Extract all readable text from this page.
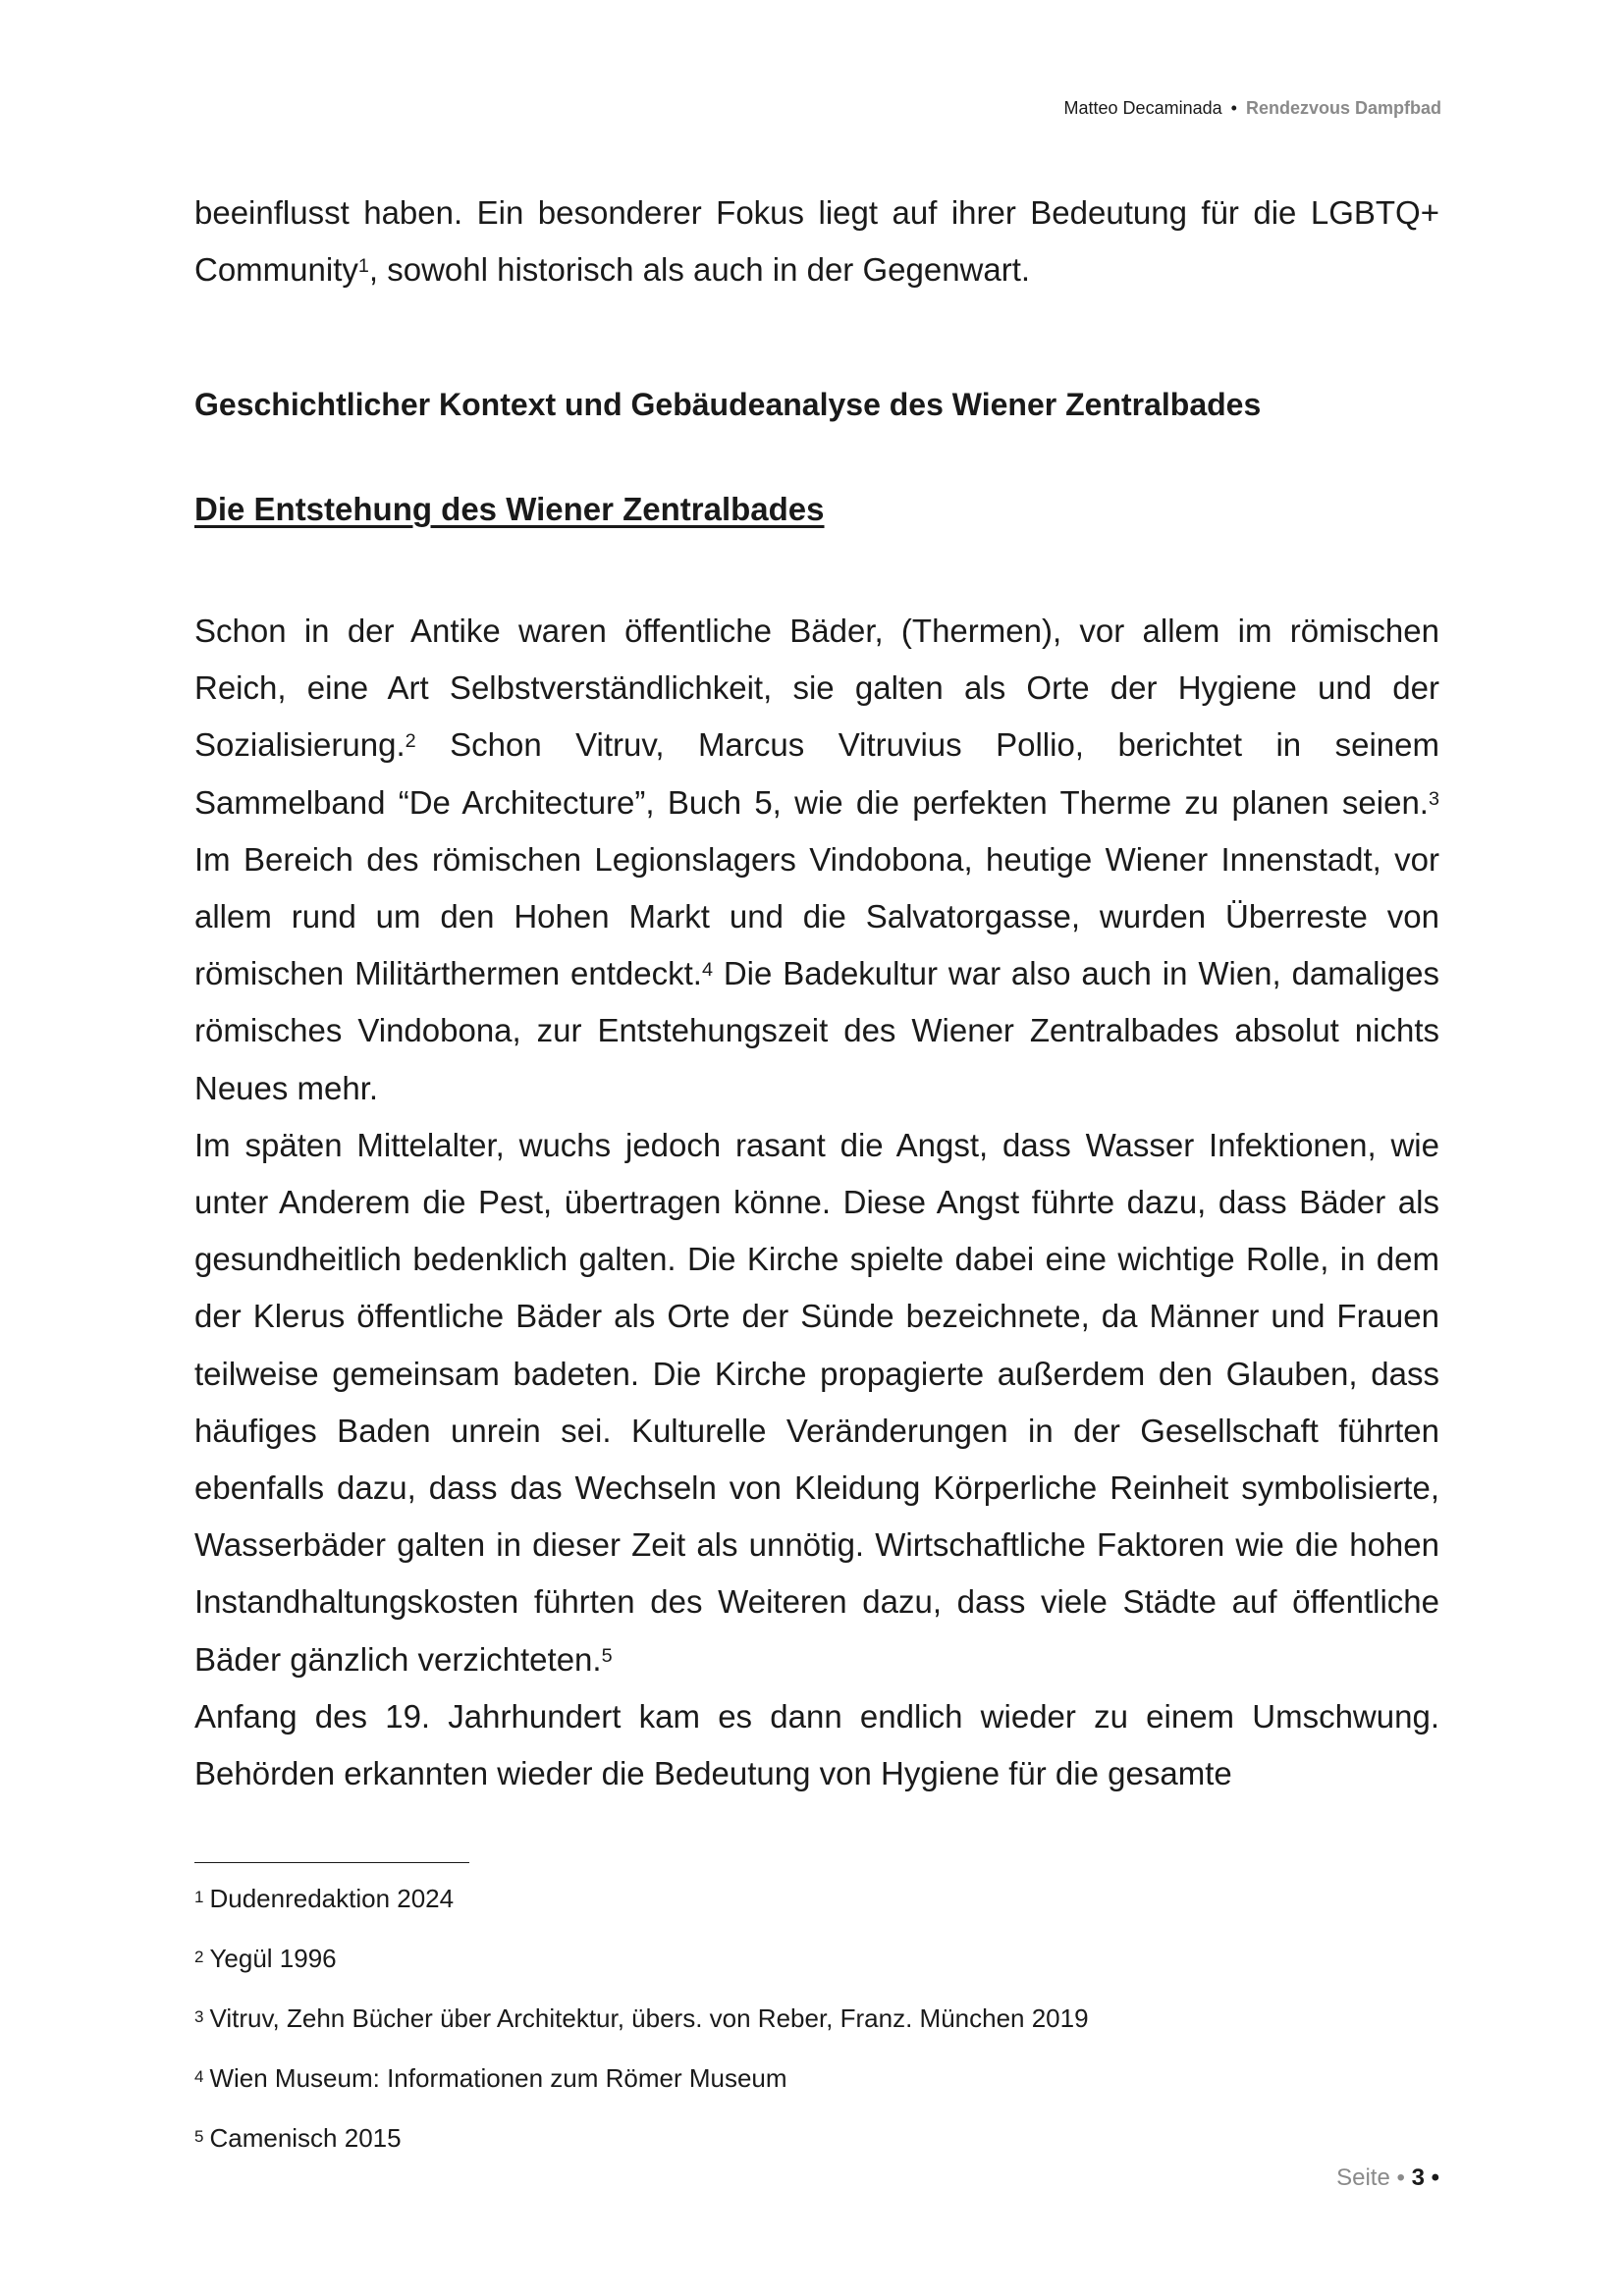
Matteo Decaminada • Rendezvous Dampfbad

beeinflusst haben. Ein besonderer Fokus liegt auf ihrer Bedeutung für die LGBTQ+ Community$^1$, sowohl historisch als auch in der Gegenwart.

Geschichtlicher Kontext und Gebäudeanalyse des Wiener Zentralbades
Die Entstehung des Wiener Zentralbades
Schon in der Antike waren öffentliche Bäder, (Thermen), vor allem im römischen Reich, eine Art Selbstverständlichkeit, sie galten als Orte der Hygiene und der Sozialisierung.$^2$ Schon Vitruv, Marcus Vitruvius Pollio, berichtet in seinem Sammelband “De Architecture”, Buch 5, wie die perfekten Therme zu planen seien.$^3$ Im Bereich des römischen Legionslagers Vindobona, heutige Wiener Innenstadt, vor allem rund um den Hohen Markt und die Salvatorgasse, wurden Überreste von römischen Militärthermen entdeckt.$^4$ Die Badekultur war also auch in Wien, damaliges römisches Vindobona, zur Entstehungszeit des Wiener Zentralbades absolut nichts Neues mehr.
Im späten Mittelalter, wuchs jedoch rasant die Angst, dass Wasser Infektionen, wie unter Anderem die Pest, übertragen könne. Diese Angst führte dazu, dass Bäder als gesundheitlich bedenklich galten. Die Kirche spielte dabei eine wichtige Rolle, in dem der Klerus öffentliche Bäder als Orte der Sünde bezeichnete, da Männer und Frauen teilweise gemeinsam badeten. Die Kirche propagierte außerdem den Glauben, dass häufiges Baden unrein sei. Kulturelle Veränderungen in der Gesellschaft führten ebenfalls dazu, dass das Wechseln von Kleidung Körperliche Reinheit symbolisierte, Wasserbäder galten in dieser Zeit als unnötig. Wirtschaftliche Faktoren wie die hohen Instandhaltungskosten führten des Weiteren dazu, dass viele Städte auf öffentliche Bäder gänzlich verzichteten.$^5$
Anfang des 19. Jahrhundert kam es dann endlich wieder zu einem Umschwung. Behörden erkannten wieder die Bedeutung von Hygiene für die gesamte
1 Dudenredaktion 2024
2 Yegül 1996
3 Vitruv, Zehn Bücher über Architektur, übers. von Reber, Franz. München 2019
4 Wien Museum: Informationen zum Römer Museum
5 Camenisch 2015
Seite • 3 •
